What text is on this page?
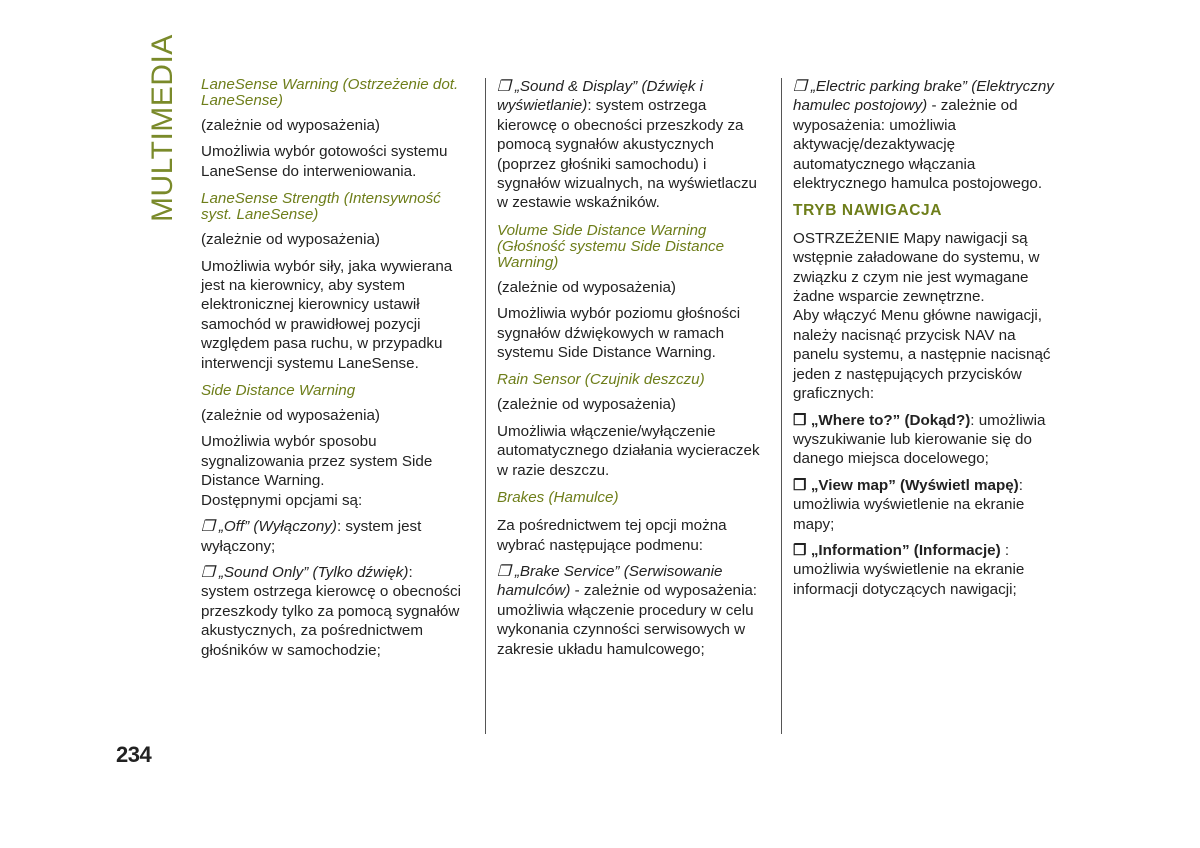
MULTIMEDIA LaneSense Warning (Ostrzeżenie dot. LaneSense)

(zależnie od wyposażenia)

Umożliwia wybór gotowości systemu LaneSense do interweniowania.

LaneSense Strength (Intensywność syst. LaneSense)

(zależnie od wyposażenia)

Umożliwia wybór siły, jaka wywierana jest na kierownicy, aby system elektronicznej kierownicy ustawił samochód w prawidłowej pozycji względem pasa ruchu, w przypadku interwencji systemu LaneSense.

Side Distance Warning

(zależnie od wyposażenia)

Umożliwia wybór sposobu sygnalizowania przez system Side Distance Warning.

Dostępnymi opcjami są:

❒ „Off” (Wyłączony): system jest wyłączony;

❒ „Sound Only” (Tylko dźwięk): system ostrzega kierowcę o obecności przeszkody tylko za pomocą sygnałów akustycznych, za pośrednictwem głośników w samochodzie;

❒ „Sound & Display” (Dźwięk i wyświetlanie): system ostrzega kierowcę o obecności przeszkody za pomocą sygnałów akustycznych (poprzez głośniki samochodu) i sygnałów wizualnych, na wyświetlaczu w zestawie wskaźników.

Volume Side Distance Warning (Głośność systemu Side Distance Warning)

(zależnie od wyposażenia)

Umożliwia wybór poziomu głośności sygnałów dźwiękowych w ramach systemu Side Distance Warning.

Rain Sensor (Czujnik deszczu)

(zależnie od wyposażenia)

Umożliwia włączenie/wyłączenie automatycznego działania wycieraczek w razie deszczu.

Brakes (Hamulce)

Za pośrednictwem tej opcji można wybrać następujące podmenu:

❒ „Brake Service” (Serwisowanie hamulców) - zależnie od wyposażenia: umożliwia włączenie procedury w celu wykonania czynności serwisowych w zakresie układu hamulcowego;

❒ „Electric parking brake” (Elektryczny hamulec postojowy) - zależnie od wyposażenia: umożliwia aktywację/dezaktywację automatycznego włączania elektrycznego hamulca postojowego.

TRYB NAWIGACJA

OSTRZEŻENIE Mapy nawigacji są wstępnie załadowane do systemu, w związku z czym nie jest wymagane żadne wsparcie zewnętrzne.

Aby włączyć Menu główne nawigacji, należy nacisnąć przycisk NAV na panelu systemu, a następnie nacisnąć jeden z następujących przycisków graficznych:

❒ „Where to?” (Dokąd?): umożliwia wyszukiwanie lub kierowanie się do danego miejsca docelowego;

❒ „View map” (Wyświetl mapę): umożliwia wyświetlenie na ekranie mapy;

❒ „Information” (Informacje) : umożliwia wyświetlenie na ekranie informacji dotyczących nawigacji;

234
